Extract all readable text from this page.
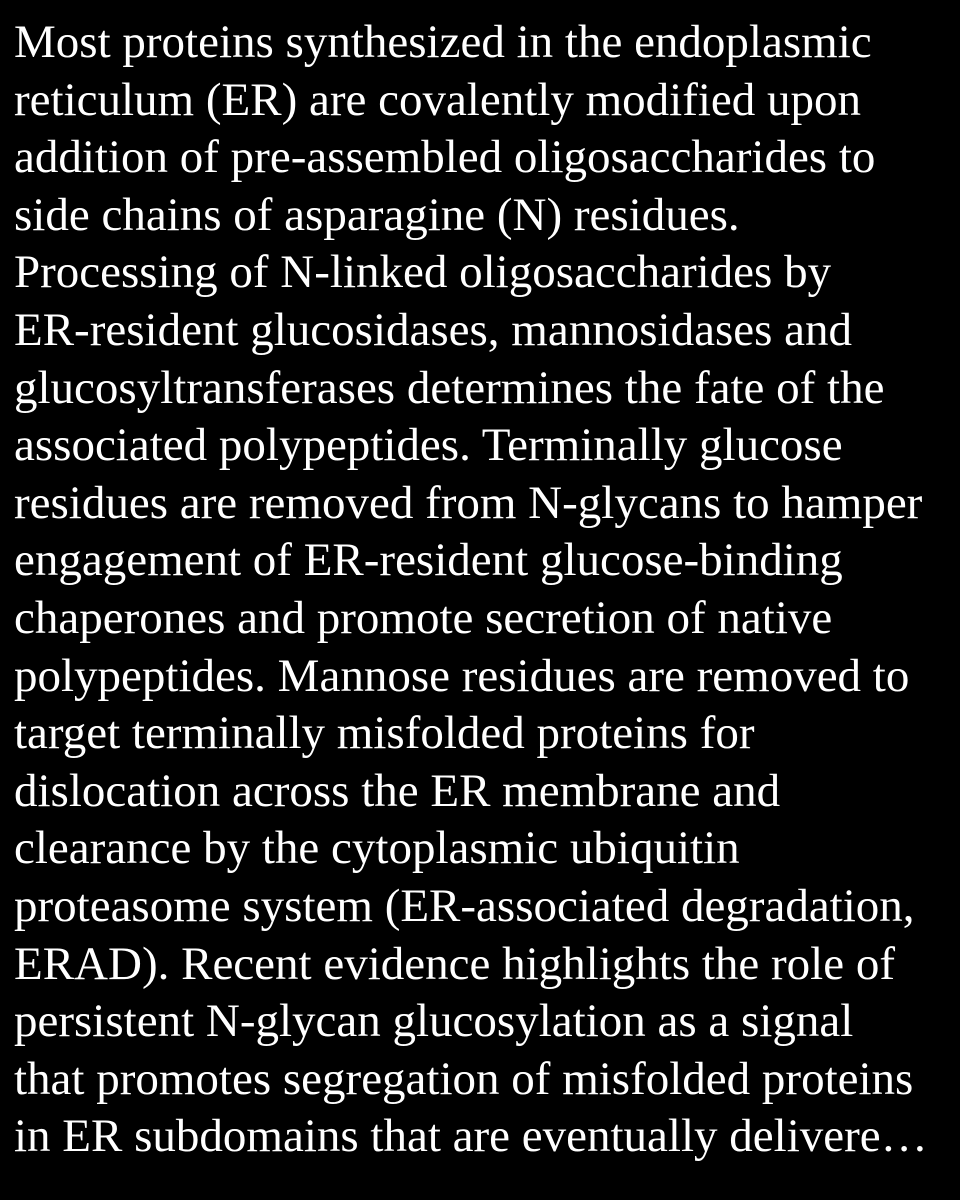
Most proteins synthesized in the endoplasmic
reticulum (ER) are covalently modified upon
addition of pre-assembled oligosaccharides to
side chains of asparagine (N) residues.
Processing of N-linked oligosaccharides by
ER-resident glucosidases, mannosidases and
glucosyltransferases determines the fate of the
associated polypeptides. Terminally glucose
residues are removed from N-glycans to hamper
engagement of ER-resident glucose-binding
chaperones and promote secretion of native
polypeptides. Mannose residues are removed to
target terminally misfolded proteins for
dislocation across the ER membrane and
clearance by the cytoplasmic ubiquitin
proteasome system (ER-associated degradation,
ERAD). Recent evidence highlights the role of
persistent N-glycan glucosylation as a signal
that promotes segregation of misfolded proteins
in ER subdomains that are eventually delivere…
